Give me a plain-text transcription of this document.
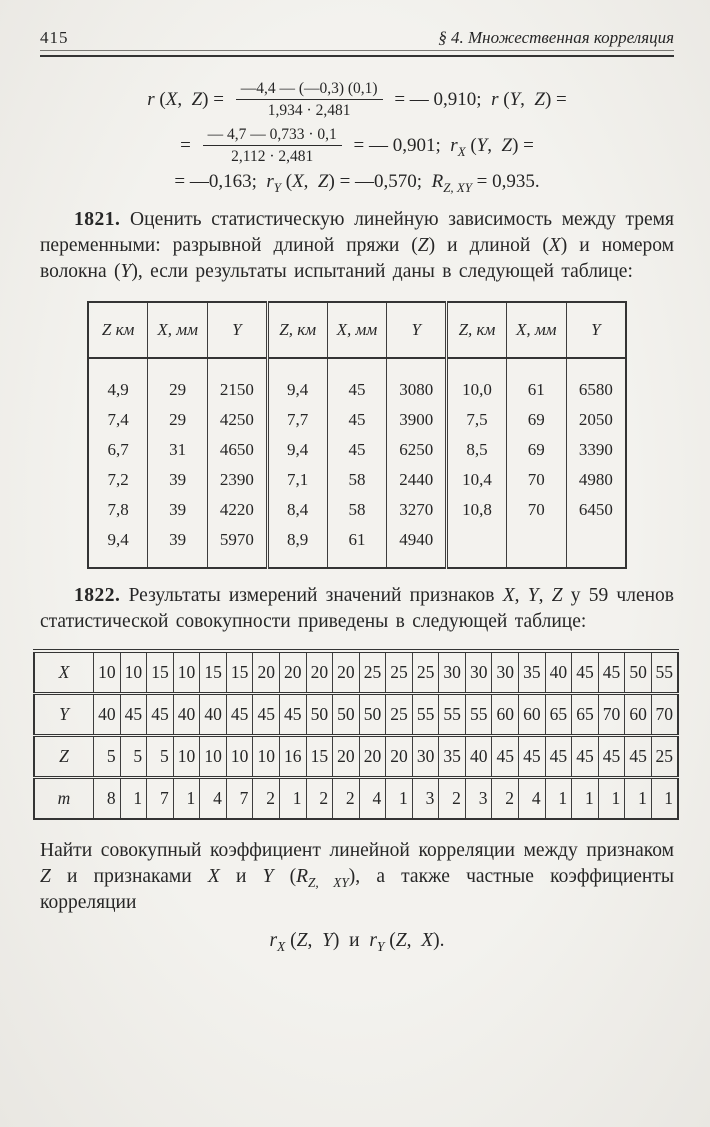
415	§ 4. Множественная корреляция
r (X,  $Z) = \frac{—4,4 — (—0,3) (0,1)}{1,934 \cdot 2,481}$ = — 0,910;  r (Y,  Z) =
= $\frac{— 4,7 — 0,733 \cdot 0,1}{2,112 \cdot 2,481}$ = — 0,901;  $r_X$ (Y,  Z) =
= —0,163;  $r_Y$ (X,  Z) = —0,570;  $R_{Z, XY} = 0,935$.

1821. Оценить статистическую линейную зависимость между тремя переменными: разрывной длиной пряжи (Z) и длиной (X) и номером волокна (Y), если результаты испытаний даны в следующей таблице:

Z км	X, мм	Y	Z, км	X, мм	Y	Z, км	X, мм	Y
4,9	29	2150	9,4	45	3080	10,0	61	6580
7,4	29	4250	7,7	45	3900	7,5	69	2050
6,7	31	4650	9,4	45	6250	8,5	69	3390
7,2	39	2390	7,1	58	2440	10,4	70	4980
7,8	39	4220	8,4	58	3270	10,8	70	6450
9,4	39	5970	8,9	61	4940			

1822. Результаты измерений значений признаков X, Y, Z у 59 членов статистической совокупности приведены в следующей таблице:

X	10	10	15	10	15	15	20	20	20	20	25	25	25	30	30	30	35	40	45	45	50	55
Y	40	45	45	40	40	45	45	45	50	50	50	25	55	55	55	60	60	65	65	70	60	70
Z	5	5	5	10	10	10	10	16	15	20	20	20	30	35	40	45	45	45	45	45	45	25
m	8	1	7	1	4	7	2	1	2	2	4	1	3	2	3	2	4	1	1	1	1	1

Найти совокупный коэффициент линейной корреляции между признаком Z и признаками X и Y $(R_{Z, XY})$, а также частные коэффициенты корреляции

$r_X$ (Z,  Y)  и  $r_Y$ (Z,  X).
